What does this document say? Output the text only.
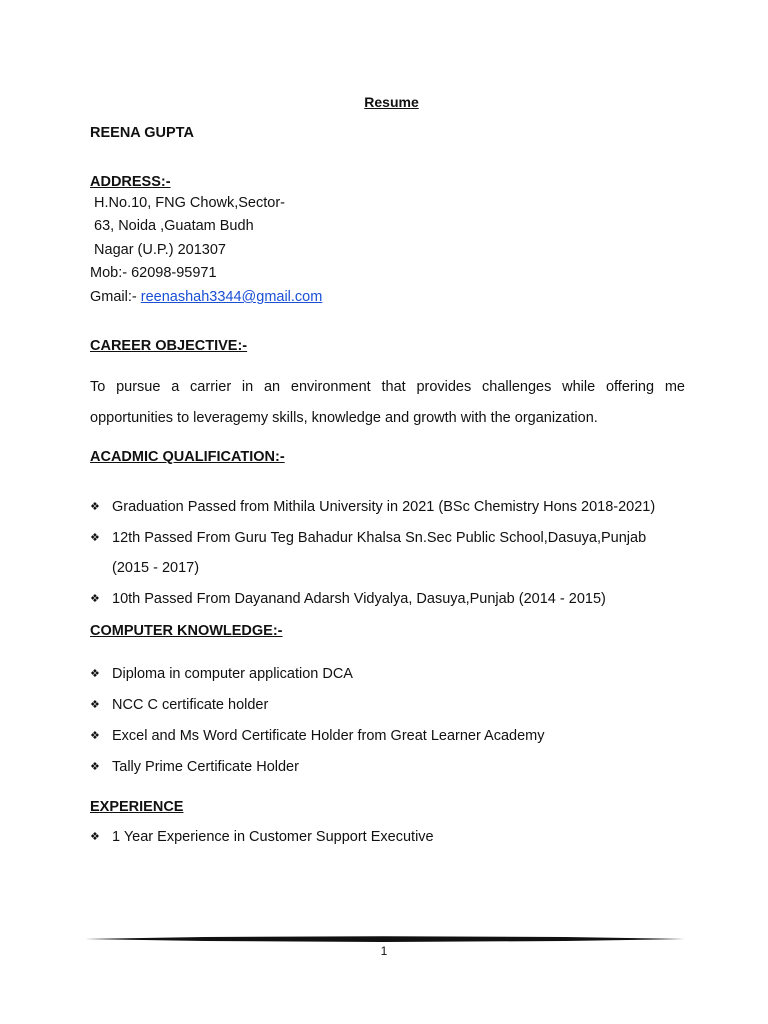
Resume
REENA GUPTA
ADDRESS:-
H.No.10, FNG Chowk,Sector-
63, Noida ,Guatam Budh
Nagar (U.P.) 201307
Mob:- 62098-95971
Gmail:- reenashah3344@gmail.com
CAREER OBJECTIVE:-
To pursue a carrier in an environment that provides challenges while offering me opportunities to leveragemy skills, knowledge and growth with the organization.
ACADMIC QUALIFICATION:-
❖ Graduation Passed from Mithila University in 2021 (BSc Chemistry Hons 2018-2021)
❖ 12th Passed From Guru Teg Bahadur Khalsa Sn.Sec Public School,Dasuya,Punjab
(2015 - 2017)
❖ 10th Passed From Dayanand Adarsh Vidyalya, Dasuya,Punjab (2014 - 2015)
COMPUTER KNOWLEDGE:-
❖ Diploma in computer application DCA
❖ NCC C certificate holder
❖ Excel and Ms Word Certificate Holder from Great Learner Academy
❖ Tally Prime Certificate Holder
EXPERIENCE
❖ 1 Year Experience in Customer Support Executive
1
